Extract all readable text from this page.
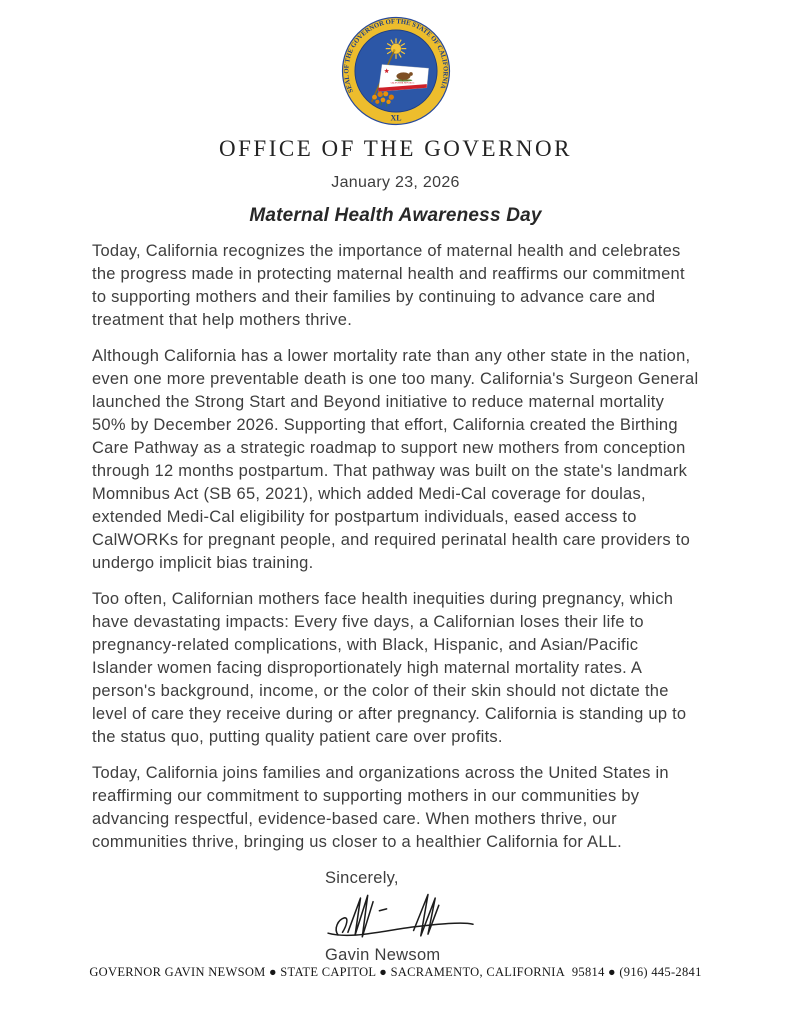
SEAL OF THE GOVERNOR OF THE STATE OF CALIFORNIA
XL
CALIFORNIA REPUBLIC
OFFICE OF THE GOVERNOR
January 23, 2026
Maternal Health Awareness Day

Today, California recognizes the importance of maternal health and celebrates the progress made in protecting maternal health and reaffirms our commitment to supporting mothers and their families by continuing to advance care and treatment that help mothers thrive.

Although California has a lower mortality rate than any other state in the nation, even one more preventable death is one too many. California's Surgeon General launched the Strong Start and Beyond initiative to reduce maternal mortality 50% by December 2026. Supporting that effort, California created the Birthing Care Pathway as a strategic roadmap to support new mothers from conception through 12 months postpartum. That pathway was built on the state's landmark Momnibus Act (SB 65, 2021), which added Medi-Cal coverage for doulas, extended Medi-Cal eligibility for postpartum individuals, eased access to CalWORKs for pregnant people, and required perinatal health care providers to undergo implicit bias training.

Too often, Californian mothers face health inequities during pregnancy, which have devastating impacts: Every five days, a Californian loses their life to pregnancy-related complications, with Black, Hispanic, and Asian/Pacific Islander women facing disproportionately high maternal mortality rates. A person's background, income, or the color of their skin should not dictate the level of care they receive during or after pregnancy. California is standing up to the status quo, putting quality patient care over profits.

Today, California joins families and organizations across the United States in reaffirming our commitment to supporting mothers in our communities by advancing respectful, evidence-based care. When mothers thrive, our communities thrive, bringing us closer to a healthier California for ALL.

Sincerely,
Gavin Newsom
GOVERNOR GAVIN NEWSOM ● STATE CAPITOL ● SACRAMENTO, CALIFORNIA  95814 ● (916) 445-2841
